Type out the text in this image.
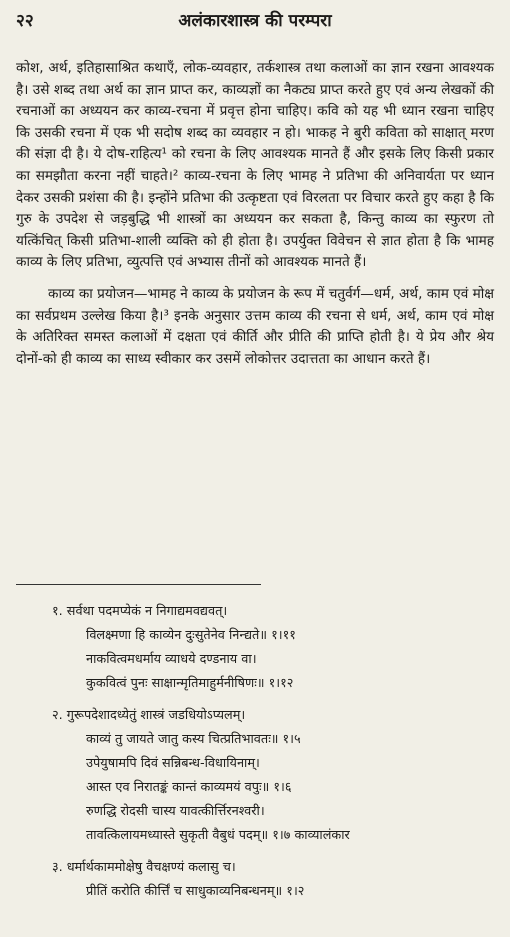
२२	अलंकारशास्त्र की परम्परा

कोश, अर्थ, इतिहासाश्रित कथाएँ, लोक-व्यवहार, तर्कशास्त्र तथा कलाओं का ज्ञान रखना आवश्यक है। उसे शब्द तथा अर्थ का ज्ञान प्राप्त कर, काव्यज्ञों का नैकट्य प्राप्त करते हुए एवं अन्य लेखकों की रचनाओं का अध्ययन कर काव्य-रचना में प्रवृत्त होना चाहिए। कवि को यह भी ध्यान रखना चाहिए कि उसकी रचना में एक भी सदोष शब्द का व्यवहार न हो। भाकह ने बुरी कविता को साक्षात् मरण की संज्ञा दी है। ये दोष-राहित्य¹ को रचना के लिए आवश्यक मानते हैं और इसके लिए किसी प्रकार का समझौता करना नहीं चाहते।² काव्य-रचना के लिए भामह ने प्रतिभा की अनिवार्यता पर ध्यान देकर उसकी प्रशंसा की है। इन्होंने प्रतिभा की उत्कृष्टता एवं विरलता पर विचार करते हुए कहा है कि गुरु के उपदेश से जड़बुद्धि भी शास्त्रों का अध्ययन कर सकता है, किन्तु काव्य का स्फुरण तो यत्किंचित् किसी प्रतिभा-शाली व्यक्ति को ही होता है। उपर्युक्त विवेचन से ज्ञात होता है कि भामह काव्य के लिए प्रतिभा, व्युत्पत्ति एवं अभ्यास तीनों को आवश्यक मानते हैं।

काव्य का प्रयोजन—भामह ने काव्य के प्रयोजन के रूप में चतुर्वर्ग—धर्म, अर्थ, काम एवं मोक्ष का सर्वप्रथम उल्लेख किया है।³ इनके अनुसार उत्तम काव्य की रचना से धर्म, अर्थ, काम एवं मोक्ष के अतिरिक्त समस्त कलाओं में दक्षता एवं कीर्ति और प्रीति की प्राप्ति होती है। ये प्रेय और श्रेय दोनों-को ही काव्य का साध्य स्वीकार कर उसमें लोकोत्तर उदात्तता का आधान करते हैं।

१. सर्वथा पदमप्येकं न निगाद्यमवद्यवत्।
विलक्ष्मणा हि काव्येन दुःसुतेनेव निन्द्यते॥ १।११
नाकवित्वमधर्माय व्याधये दण्डनाय वा।
कुकवित्वं पुनः साक्षान्मृतिमाहुर्मनीषिणः॥ १।१२
२. गुरूपदेशादध्येतुं शास्त्रं जडधियोऽप्यलम्।
काव्यं तु जायते जातु कस्य चित्प्रतिभावतः॥ १।५
उपेयुषामपि दिवं सन्निबन्ध-विधायिनाम्।
आस्त एव निरातङ्कं कान्तं काव्यमयं वपुः॥ १।६
रुणद्धि रोदसी चास्य यावत्कीर्त्तिरनश्वरी।
तावत्किलायमध्यास्ते सुकृती वैबुधं पदम्॥ १।७ काव्यालंकार
३. धर्मार्थकाममोक्षेषु वैचक्षण्यं कलासु च।
प्रीतिं करोति कीर्त्तिं च साधुकाव्यनिबन्धनम्॥ १।२
